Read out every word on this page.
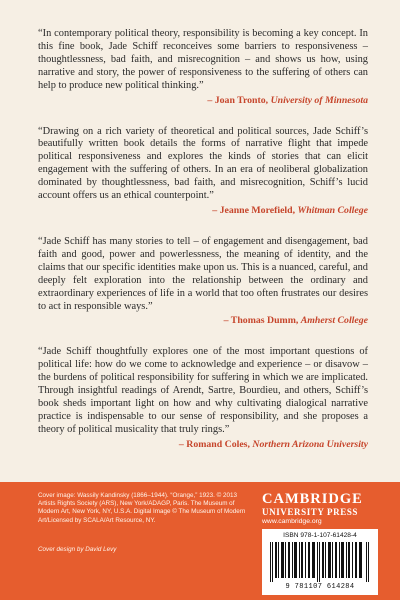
“In contemporary political theory, responsibility is becoming a key concept. In this fine book, Jade Schiff reconceives some barriers to responsiveness – thoughtlessness, bad faith, and misrecognition – and shows us how, using narrative and story, the power of responsiveness to the suffering of others can help to produce new political thinking.”

– Joan Tronto, University of Minnesota

“Drawing on a rich variety of theoretical and political sources, Jade Schiff’s beautifully written book details the forms of narrative flight that impede political responsiveness and explores the kinds of stories that can elicit engagement with the suffering of others. In an era of neoliberal globalization dominated by thoughtlessness, bad faith, and misrecognition, Schiff’s lucid account offers us an ethical counterpoint.”

– Jeanne Morefield, Whitman College

“Jade Schiff has many stories to tell – of engagement and disengagement, bad faith and good, power and powerlessness, the meaning of identity, and the claims that our specific identities make upon us. This is a nuanced, careful, and deeply felt exploration into the relationship between the ordinary and extraordinary experiences of life in a world that too often frustrates our desires to act in responsible ways.”

– Thomas Dumm, Amherst College

“Jade Schiff thoughtfully explores one of the most important questions of political life: how do we come to acknowledge and experience – or disavow – the burdens of political responsibility for suffering in which we are implicated. Through insightful readings of Arendt, Sartre, Bourdieu, and others, Schiff’s book sheds important light on how and why cultivating dialogical narrative practice is indispensable to our sense of responsibility, and she proposes a theory of political musicality that truly rings.”

– Romand Coles, Northern Arizona University
Cover image: Wassily Kandinsky (1866–1944). “Orange,” 1923. © 2013 Artists Rights Society (ARS), New York/ADAGP, Paris. The Museum of Modern Art, New York, NY, U.S.A. Digital Image © The Museum of Modern Art/Licensed by SCALA/Art Resource, NY.
Cover design by David Levy
CAMBRIDGE
UNIVERSITY PRESS
www.cambridge.org
ISBN 978-1-107-61428-4
9 781107 614284
